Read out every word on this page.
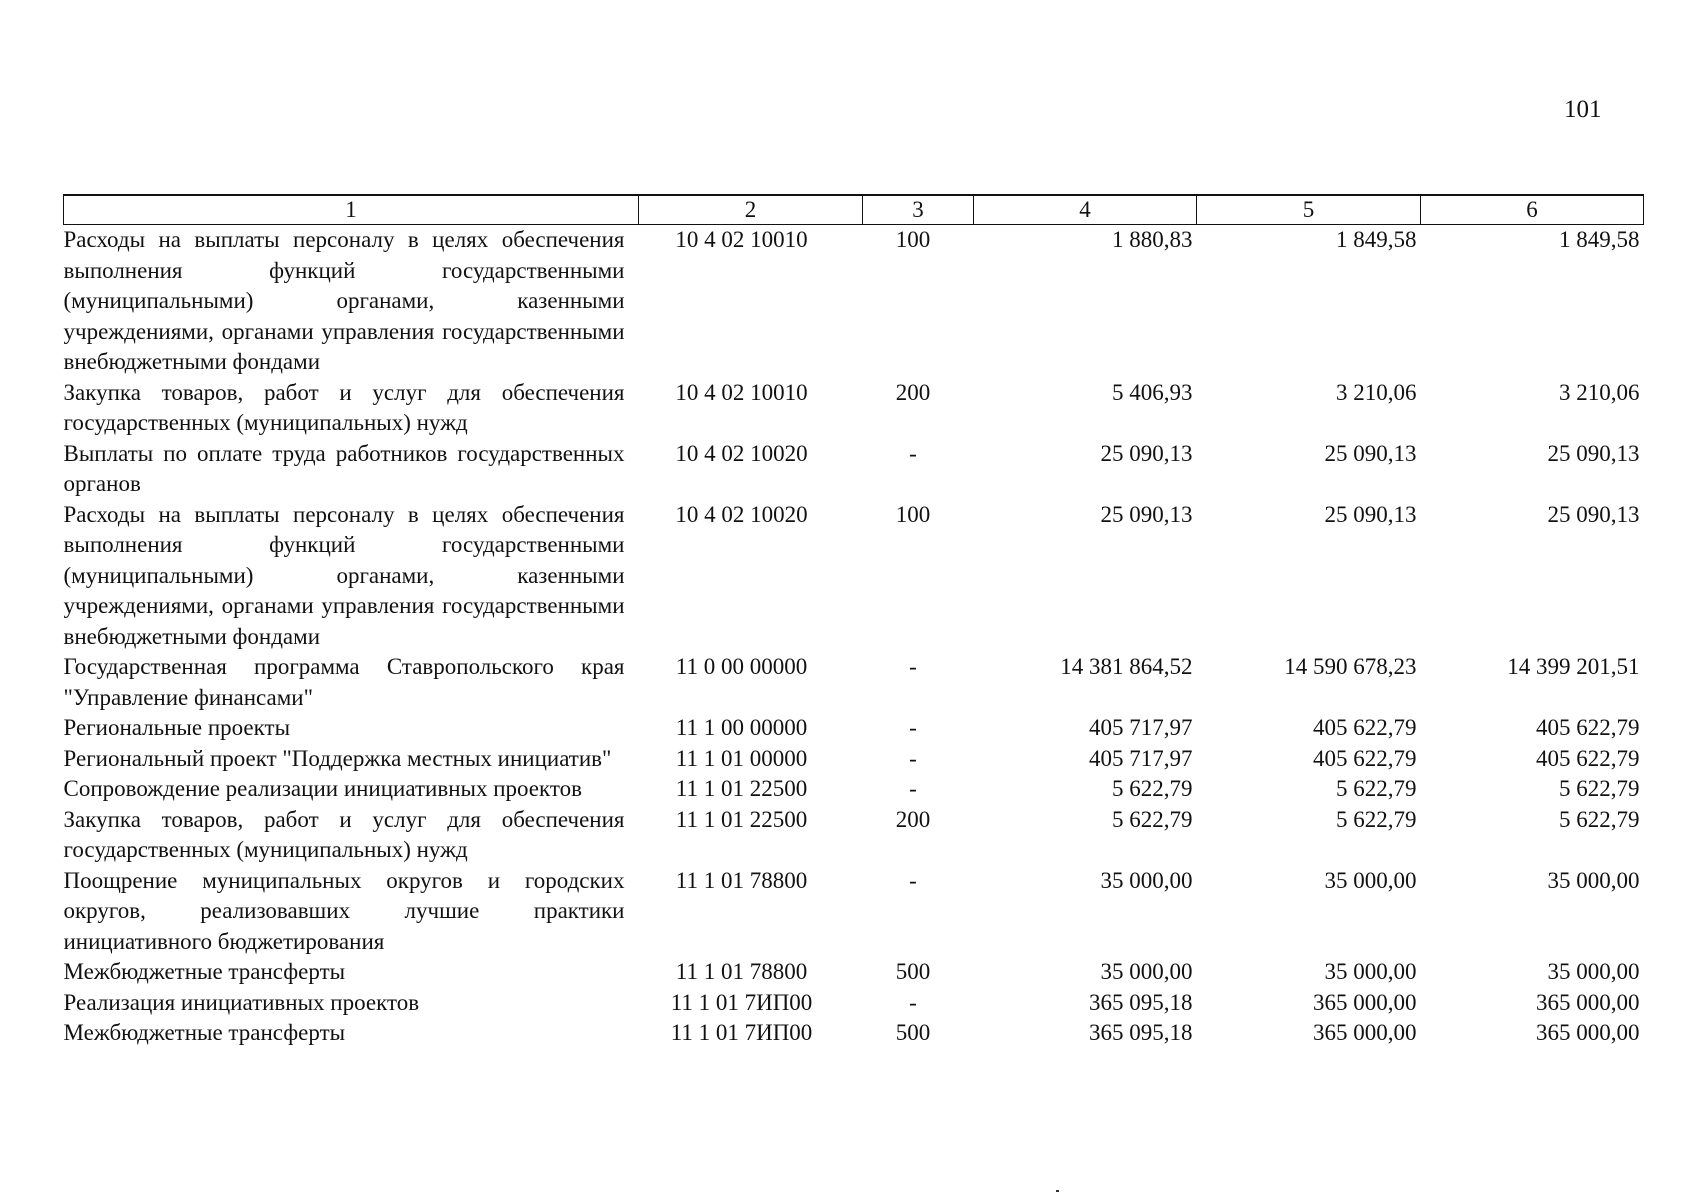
101
1	2	3	4	5	6
Расходы на выплаты персоналу в целях обеспечения выполнения функций государственными (муниципальными) органами, казенными учреждениями, органами управления государственными внебюджетными фондами	10 4 02 10010	100	1 880,83	1 849,58	1 849,58
Закупка товаров, работ и услуг для обеспечения государственных (муниципальных) нужд	10 4 02 10010	200	5 406,93	3 210,06	3 210,06
Выплаты по оплате труда работников государственных органов	10 4 02 10020	-	25 090,13	25 090,13	25 090,13
Расходы на выплаты персоналу в целях обеспечения выполнения функций государственными (муниципальными) органами, казенными учреждениями, органами управления государственными внебюджетными фондами	10 4 02 10020	100	25 090,13	25 090,13	25 090,13
Государственная программа Ставропольского края "Управление финансами"	11 0 00 00000	-	14 381 864,52	14 590 678,23	14 399 201,51
Региональные проекты	11 1 00 00000	-	405 717,97	405 622,79	405 622,79
Региональный проект "Поддержка местных инициатив"	11 1 01 00000	-	405 717,97	405 622,79	405 622,79
Сопровождение реализации инициативных проектов	11 1 01 22500	-	5 622,79	5 622,79	5 622,79
Закупка товаров, работ и услуг для обеспечения государственных (муниципальных) нужд	11 1 01 22500	200	5 622,79	5 622,79	5 622,79
Поощрение муниципальных округов и городских округов, реализовавших лучшие практики инициативного бюджетирования	11 1 01 78800	-	35 000,00	35 000,00	35 000,00
Межбюджетные трансферты	11 1 01 78800	500	35 000,00	35 000,00	35 000,00
Реализация инициативных проектов	11 1 01 7ИП00	-	365 095,18	365 000,00	365 000,00
Межбюджетные трансферты	11 1 01 7ИП00	500	365 095,18	365 000,00	365 000,00
